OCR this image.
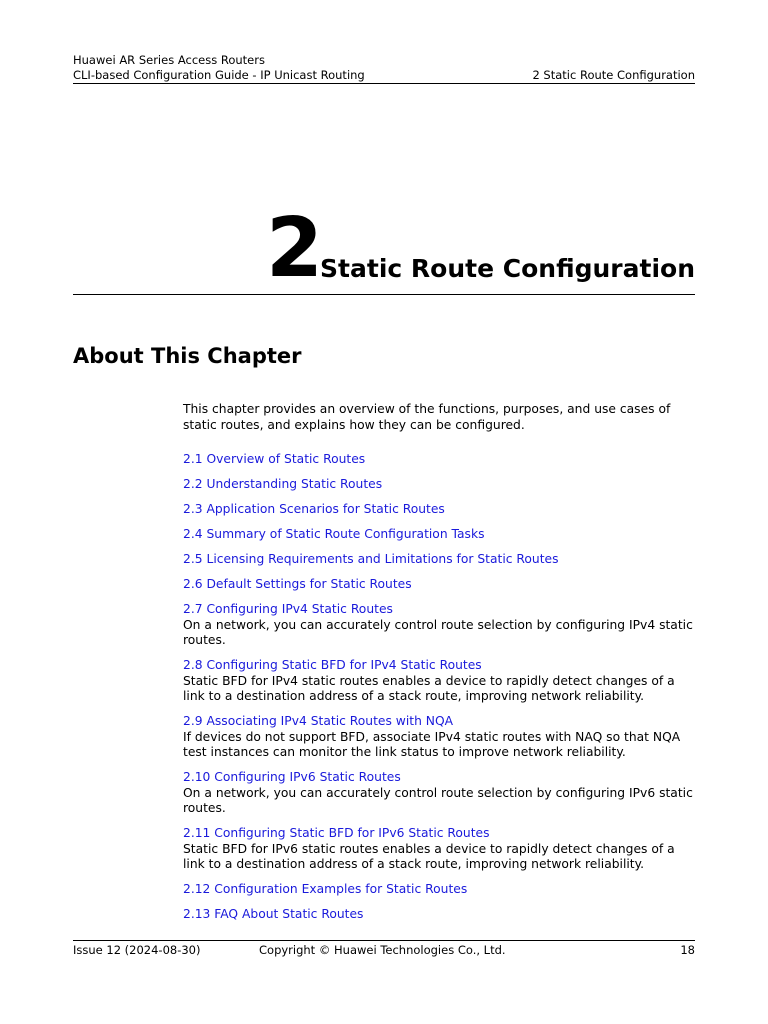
Huawei AR Series Access Routers
CLI-based Configuration Guide - IP Unicast Routing	2 Static Route Configuration
2 Static Route Configuration
About This Chapter

This chapter provides an overview of the functions, purposes, and use cases of static routes, and explains how they can be configured.

2.1 Overview of Static Routes
2.2 Understanding Static Routes
2.3 Application Scenarios for Static Routes
2.4 Summary of Static Route Configuration Tasks
2.5 Licensing Requirements and Limitations for Static Routes
2.6 Default Settings for Static Routes
2.7 Configuring IPv4 Static Routes
On a network, you can accurately control route selection by configuring IPv4 static routes.
2.8 Configuring Static BFD for IPv4 Static Routes
Static BFD for IPv4 static routes enables a device to rapidly detect changes of a link to a destination address of a stack route, improving network reliability.
2.9 Associating IPv4 Static Routes with NQA
If devices do not support BFD, associate IPv4 static routes with NAQ so that NQA test instances can monitor the link status to improve network reliability.
2.10 Configuring IPv6 Static Routes
On a network, you can accurately control route selection by configuring IPv6 static routes.
2.11 Configuring Static BFD for IPv6 Static Routes
Static BFD for IPv6 static routes enables a device to rapidly detect changes of a link to a destination address of a stack route, improving network reliability.
2.12 Configuration Examples for Static Routes
2.13 FAQ About Static Routes
Issue 12 (2024-08-30)	Copyright © Huawei Technologies Co., Ltd.	18
